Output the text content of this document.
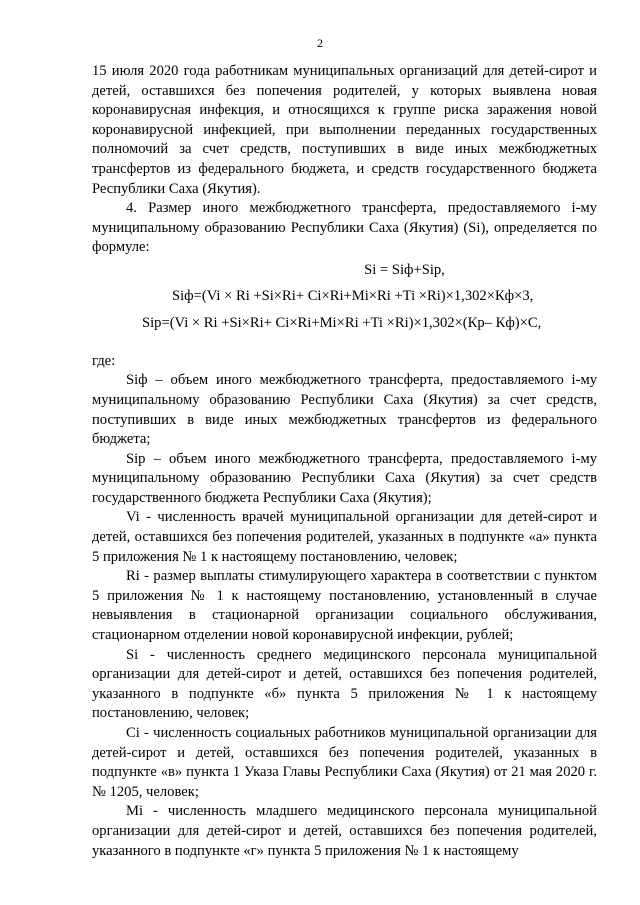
2

15 июля 2020 года работникам муниципальных организаций для детей-сирот и детей, оставшихся без попечения родителей, у которых выявлена новая коронавирусная инфекция, и относящихся к группе риска заражения новой коронавирусной инфекцией, при выполнении переданных государственных полномочий за счет средств, поступивших в виде иных межбюджетных трансфертов из федерального бюджета, и средств государственного бюджета Республики Саха (Якутия).

4. Размер иного межбюджетного трансферта, предоставляемого i-му муниципальному образованию Республики Саха (Якутия) (Si), определяется по формуле:

Si = Siф+Siр,

Siф=(Vi × Ri +Si×Ri+ Ci×Ri+Mi×Ri +Ti ×Ri)×1,302×Кф×3,

Siр=(Vi × Ri +Si×Ri+ Ci×Ri+Mi×Ri +Ti ×Ri)×1,302×(Кр– Кф)×С,

где:

Siф – объем иного межбюджетного трансферта, предоставляемого i-му муниципальному образованию Республики Саха (Якутия) за счет средств, поступивших в виде иных межбюджетных трансфертов из федерального бюджета;

Siр – объем иного межбюджетного трансферта, предоставляемого i-му муниципальному образованию Республики Саха (Якутия) за счет средств государственного бюджета Республики Саха (Якутия);

Vi - численность врачей муниципальной организации для детей-сирот и детей, оставшихся без попечения родителей, указанных в подпункте «а» пункта 5 приложения № 1 к настоящему постановлению, человек;

Ri - размер выплаты стимулирующего характера в соответствии с пунктом 5 приложения № 1 к настоящему постановлению, установленный в случае невыявления в стационарной организации социального обслуживания, стационарном отделении новой коронавирусной инфекции, рублей;

Si - численность среднего медицинского персонала муниципальной организации для детей-сирот и детей, оставшихся без попечения родителей, указанного в подпункте «б» пункта 5 приложения № 1 к настоящему постановлению, человек;

Ci - численность социальных работников муниципальной организации для детей-сирот и детей, оставшихся без попечения родителей, указанных в подпункте «в» пункта 1 Указа Главы Республики Саха (Якутия) от 21 мая 2020 г. № 1205, человек;

Mi - численность младшего медицинского персонала муниципальной организации для детей-сирот и детей, оставшихся без попечения родителей, указанного в подпункте «г» пункта 5 приложения № 1 к настоящему
